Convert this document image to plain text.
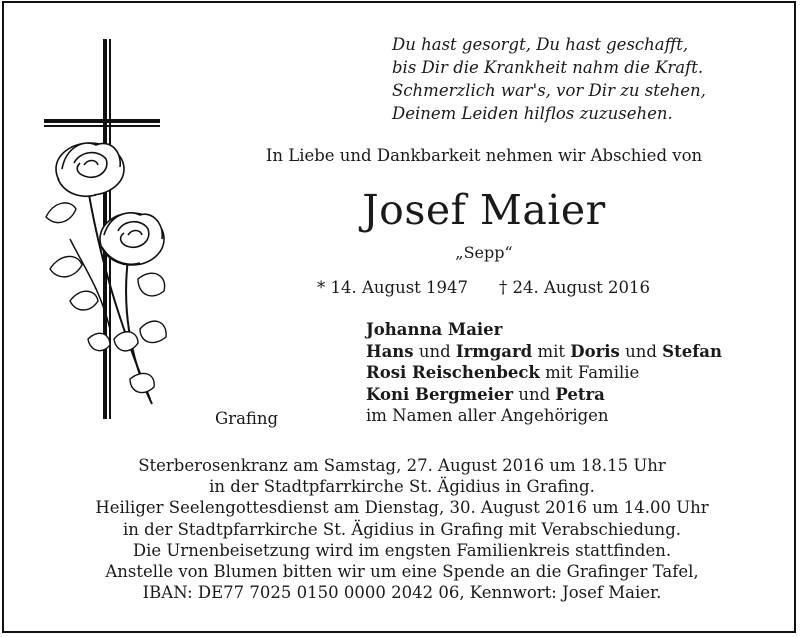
Du hast gesorgt, Du hast geschafft,
bis Dir die Krankheit nahm die Kraft.
Schmerzlich war's, vor Dir zu stehen,
Deinem Leiden hilflos zuzusehen.
In Liebe und Dankbarkeit nehmen wir Abschied von
Josef Maier
„Sepp“
* 14. August 1947 † 24. August 2016
Johanna Maier
Hans und Irmgard mit Doris und Stefan
Rosi Reischenbeck mit Familie
Koni Bergmeier und Petra
im Namen aller Angehörigen
Grafing
Sterberosenkranz am Samstag, 27. August 2016 um 18.15 Uhr
in der Stadtpfarrkirche St. Ägidius in Grafing.
Heiliger Seelengottesdienst am Dienstag, 30. August 2016 um 14.00 Uhr
in der Stadtpfarrkirche St. Ägidius in Grafing mit Verabschiedung.
Die Urnenbeisetzung wird im engsten Familienkreis stattfinden.
Anstelle von Blumen bitten wir um eine Spende an die Grafinger Tafel,
IBAN: DE77 7025 0150 0000 2042 06, Kennwort: Josef Maier.
